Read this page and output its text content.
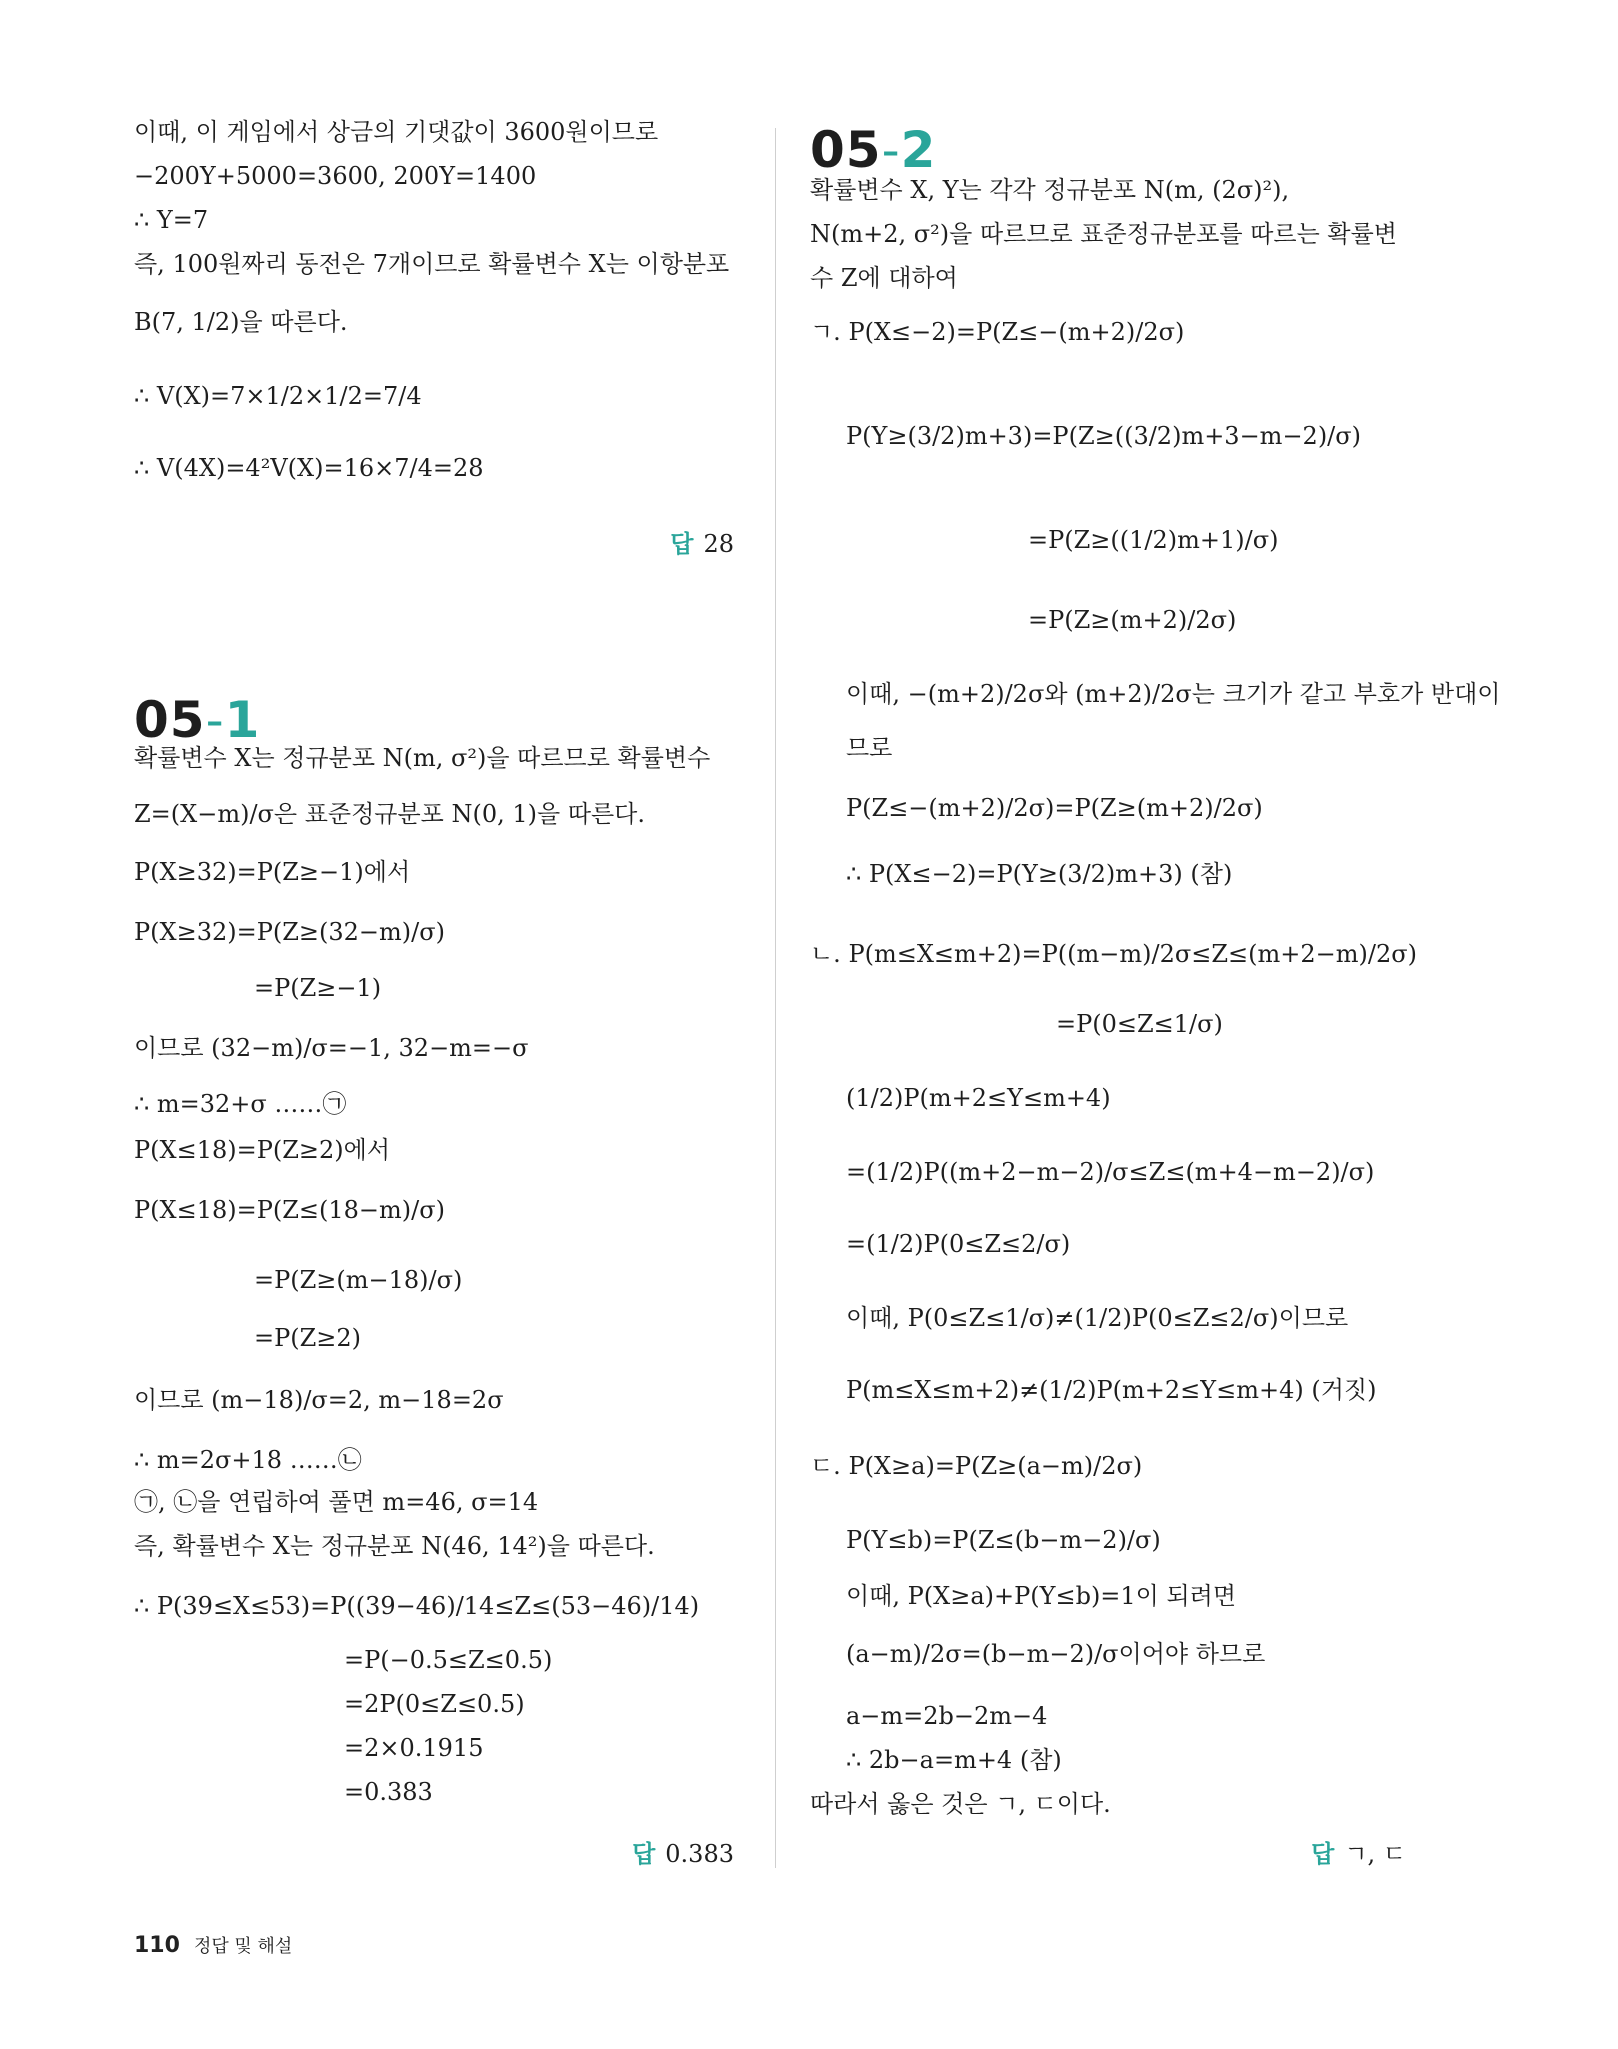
이때, 이 게임에서 상금의 기댓값이 3600원이므로
−200Y+5000=3600, 200Y=1400
∴ Y=7
즉, 100원짜리 동전은 7개이므로 확률변수 X는 이항분포
B(7, 1/2)을 따른다.
∴ V(X)=7×1/2×1/2=7/4
∴ V(4X)=4²V(X)=16×7/4=28
답 28
05-1
확률변수 X는 정규분포 N(m, σ²)을 따르므로 확률변수
Z=(X−m)/σ은 표준정규분포 N(0, 1)을 따른다.
P(X≥32)=P(Z≥−1)에서
P(X≥32)=P(Z≥(32−m)/σ)
=P(Z≥−1)
이므로 (32−m)/σ=−1, 32−m=−σ
∴ m=32+σ ……㉠
P(X≤18)=P(Z≥2)에서
P(X≤18)=P(Z≤(18−m)/σ)
=P(Z≥(m−18)/σ)
=P(Z≥2)
이므로 (m−18)/σ=2, m−18=2σ
∴ m=2σ+18 ……㉡
㉠, ㉡을 연립하여 풀면 m=46, σ=14
즉, 확률변수 X는 정규분포 N(46, 14²)을 따른다.
∴ P(39≤X≤53)=P((39−46)/14≤Z≤(53−46)/14)
=P(−0.5≤Z≤0.5)
=2P(0≤Z≤0.5)
=2×0.1915
=0.383
답 0.383
05-2
확률변수 X, Y는 각각 정규분포 N(m, (2σ)²),
N(m+2, σ²)을 따르므로 표준정규분포를 따르는 확률변
수 Z에 대하여
ㄱ. P(X≤−2)=P(Z≤−(m+2)/2σ)
P(Y≥(3/2)m+3)=P(Z≥((3/2)m+3−m−2)/σ)
=P(Z≥((1/2)m+1)/σ)
=P(Z≥(m+2)/2σ)
이때, −(m+2)/2σ와 (m+2)/2σ는 크기가 같고 부호가 반대이
므로
P(Z≤−(m+2)/2σ)=P(Z≥(m+2)/2σ)
∴ P(X≤−2)=P(Y≥(3/2)m+3) (참)
ㄴ. P(m≤X≤m+2)=P((m−m)/2σ≤Z≤(m+2−m)/2σ)
=P(0≤Z≤1/σ)
(1/2)P(m+2≤Y≤m+4)
=(1/2)P((m+2−m−2)/σ≤Z≤(m+4−m−2)/σ)
=(1/2)P(0≤Z≤2/σ)
이때, P(0≤Z≤1/σ)≠(1/2)P(0≤Z≤2/σ)이므로
P(m≤X≤m+2)≠(1/2)P(m+2≤Y≤m+4) (거짓)
ㄷ. P(X≥a)=P(Z≥(a−m)/2σ)
P(Y≤b)=P(Z≤(b−m−2)/σ)
이때, P(X≥a)+P(Y≤b)=1이 되려면
(a−m)/2σ=(b−m−2)/σ이어야 하므로
a−m=2b−2m−4
∴ 2b−a=m+4 (참)
따라서 옳은 것은 ㄱ, ㄷ이다.
답 ㄱ, ㄷ
110 정답 및 해설
